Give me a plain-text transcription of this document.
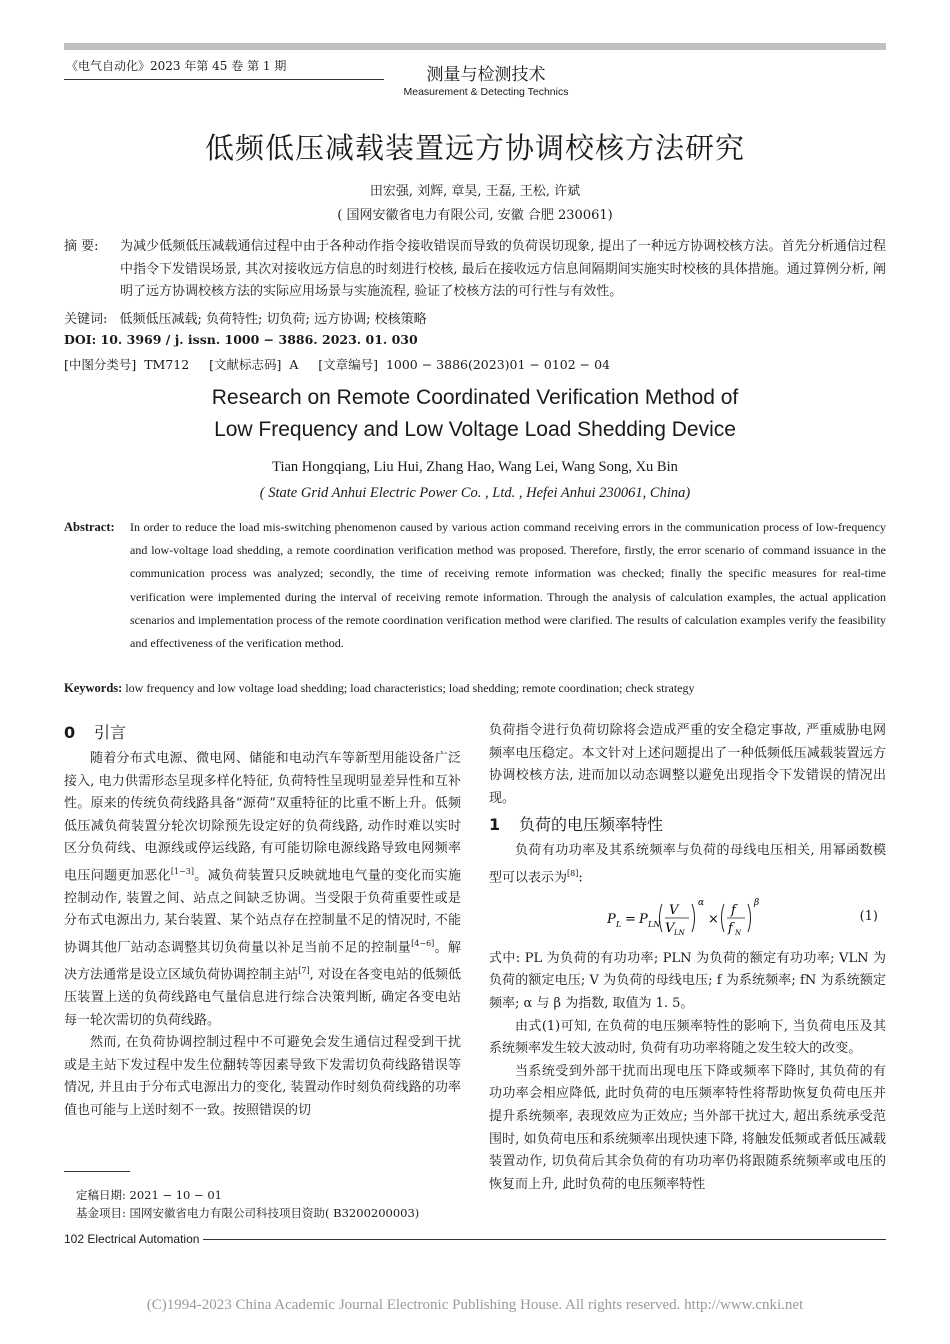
《电气自动化》2023 年第 45 卷 第 1 期	测量与检测技术
Measurement & Detecting Technics
低频低压减载装置远方协调校核方法研究
田宏强, 刘辉, 章昊, 王磊, 王松, 许斌
( 国网安徽省电力有限公司, 安徽 合肥 230061)
摘 要:	为减少低频低压减载通信过程中由于各种动作指令接收错误而导致的负荷误切现象, 提出了一种远方协调校核方法。首先分析通信过程中指令下发错误场景, 其次对接收远方信息的时刻进行校核, 最后在接收远方信息间隔期间实施实时校核的具体措施。通过算例分析, 阐明了远方协调校核方法的实际应用场景与实施流程, 验证了校核方法的可行性与有效性。
关键词: 低频低压减载; 负荷特性; 切负荷; 远方协调; 校核策略
DOI: 10. 3969 / j. issn. 1000 − 3886. 2023. 01. 030
[中图分类号] TM712 [文献标志码] A [文章编号] 1000 − 3886(2023)01 − 0102 − 04
Research on Remote Coordinated Verification Method of
Low Frequency and Low Voltage Load Shedding Device
Tian Hongqiang, Liu Hui, Zhang Hao, Wang Lei, Wang Song, Xu Bin
( State Grid Anhui Electric Power Co. , Ltd. , Hefei Anhui 230061, China)
Abstract:	In order to reduce the load mis-switching phenomenon caused by various action command receiving errors in the communication process of low-frequency and low-voltage load shedding, a remote coordination verification method was proposed. Therefore, firstly, the error scenario of command issuance in the communication process was analyzed; secondly, the time of receiving remote information was checked; finally the specific measures for real-time verification were implemented during the interval of receiving remote information. Through the analysis of calculation examples, the actual application scenarios and implementation process of the remote coordination verification method were clarified. The results of calculation examples verify the feasibility and effectiveness of the verification method.
Keywords: low frequency and low voltage load shedding; load characteristics; load shedding; remote coordination; check strategy
0 引言

随着分布式电源、微电网、储能和电动汽车等新型用能设备广泛接入, 电力供需形态呈现多样化特征, 负荷特性呈现明显差异性和互补性。原来的传统负荷线路具备“源荷”双重特征的比重不断上升。低频低压减负荷装置分轮次切除预先设定好的负荷线路, 动作时难以实时区分负荷线、电源线或停运线路, 有可能切除电源线路导致电网频率电压问题更加恶化[1−3]。减负荷装置只反映就地电气量的变化而实施控制动作, 装置之间、站点之间缺乏协调。当受限于负荷重要性或是分布式电源出力, 某台装置、某个站点存在控制量不足的情况时, 不能协调其他厂站动态调整其切负荷量以补足当前不足的控制量[4−6]。解决方法通常是设立区域负荷协调控制主站[7], 对设在各变电站的低频低压装置上送的负荷线路电气量信息进行综合决策判断, 确定各变电站每一轮次需切的负荷线路。

然而, 在负荷协调控制过程中不可避免会发生通信过程受到干扰或是主站下发过程中发生位翻转等因素导致下发需切负荷线路错误等情况, 并且由于分布式电源出力的变化, 装置动作时刻负荷线路的功率值也可能与上送时刻不一致。按照错误的切

负荷指令进行负荷切除将会造成严重的安全稳定事故, 严重威胁电网频率电压稳定。本文针对上述问题提出了一种低频低压减载装置远方协调校核方法, 进而加以动态调整以避免出现指令下发错误的情况出现。

1 负荷的电压频率特性

负荷有功功率及其系统频率与负荷的母线电压相关, 用幂函数模型可以表示为[8]:

P L = P LN
V
V LN
α
×
f
f N
β
(1)

式中: PL 为负荷的有功功率; PLN 为负荷的额定有功功率; VLN 为负荷的额定电压; V 为负荷的母线电压; f 为系统频率; fN 为系统额定频率; α 与 β 为指数, 取值为 1. 5。

由式(1)可知, 在负荷的电压频率特性的影响下, 当负荷电压及其系统频率发生较大波动时, 负荷有功功率将随之发生较大的改变。

当系统受到外部干扰而出现电压下降或频率下降时, 其负荷的有功功率会相应降低, 此时负荷的电压频率特性将帮助恢复负荷电压并提升系统频率, 表现效应为正效应; 当外部干扰过大, 超出系统承受范围时, 如负荷电压和系统频率出现快速下降, 将触发低频或者低压减载装置动作, 切负荷后其余负荷的有功功率仍将跟随系统频率或电压的恢复而上升, 此时负荷的电压频率特性

定稿日期: 2021 − 10 − 01
基金项目: 国网安徽省电力有限公司科技项目资助( B3200200003)
102 Electrical Automation
(C)1994-2023 China Academic Journal Electronic Publishing House. All rights reserved. http://www.cnki.net
